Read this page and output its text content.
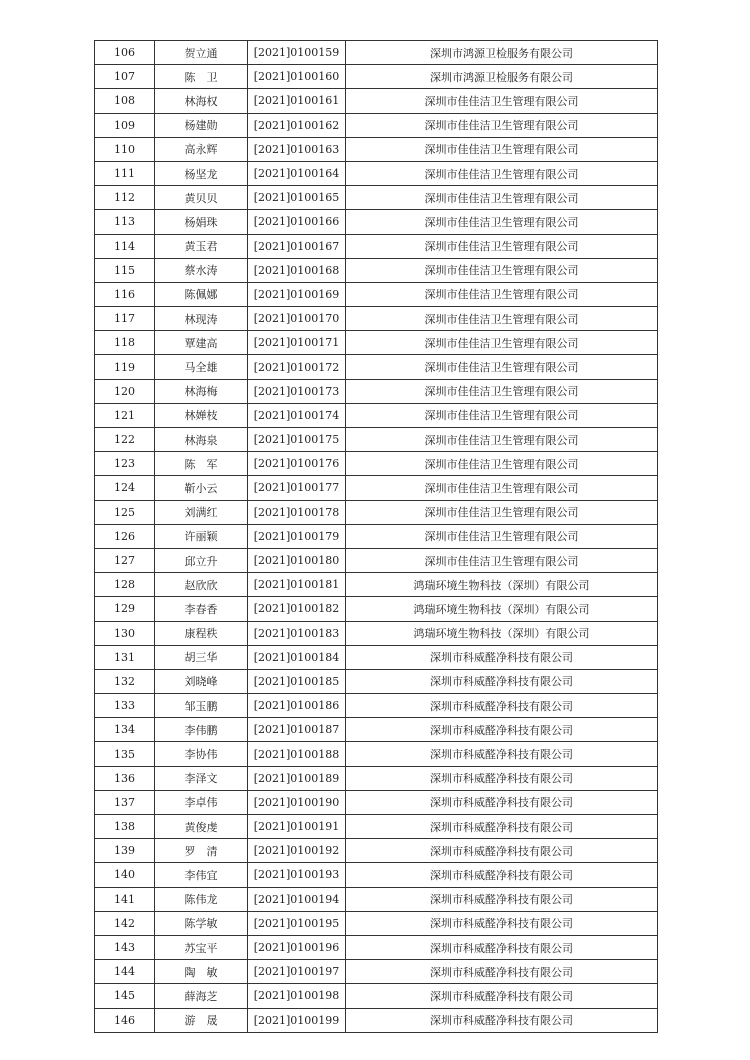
106	贺立通	[2021]0100159	深圳市鸿源卫检服务有限公司
107	陈　卫	[2021]0100160	深圳市鸿源卫检服务有限公司
108	林海权	[2021]0100161	深圳市佳佳洁卫生管理有限公司
109	杨建勋	[2021]0100162	深圳市佳佳洁卫生管理有限公司
110	高永辉	[2021]0100163	深圳市佳佳洁卫生管理有限公司
111	杨坚龙	[2021]0100164	深圳市佳佳洁卫生管理有限公司
112	黄贝贝	[2021]0100165	深圳市佳佳洁卫生管理有限公司
113	杨娟珠	[2021]0100166	深圳市佳佳洁卫生管理有限公司
114	黄玉君	[2021]0100167	深圳市佳佳洁卫生管理有限公司
115	蔡水涛	[2021]0100168	深圳市佳佳洁卫生管理有限公司
116	陈佩娜	[2021]0100169	深圳市佳佳洁卫生管理有限公司
117	林现涛	[2021]0100170	深圳市佳佳洁卫生管理有限公司
118	覃建高	[2021]0100171	深圳市佳佳洁卫生管理有限公司
119	马全雄	[2021]0100172	深圳市佳佳洁卫生管理有限公司
120	林海梅	[2021]0100173	深圳市佳佳洁卫生管理有限公司
121	林婵枝	[2021]0100174	深圳市佳佳洁卫生管理有限公司
122	林海泉	[2021]0100175	深圳市佳佳洁卫生管理有限公司
123	陈　军	[2021]0100176	深圳市佳佳洁卫生管理有限公司
124	靳小云	[2021]0100177	深圳市佳佳洁卫生管理有限公司
125	刘满红	[2021]0100178	深圳市佳佳洁卫生管理有限公司
126	许丽颖	[2021]0100179	深圳市佳佳洁卫生管理有限公司
127	邱立升	[2021]0100180	深圳市佳佳洁卫生管理有限公司
128	赵欣欣	[2021]0100181	鸿瑞环境生物科技（深圳）有限公司
129	李春香	[2021]0100182	鸿瑞环境生物科技（深圳）有限公司
130	康程秩	[2021]0100183	鸿瑞环境生物科技（深圳）有限公司
131	胡三华	[2021]0100184	深圳市科威醛净科技有限公司
132	刘晓峰	[2021]0100185	深圳市科威醛净科技有限公司
133	邹玉鹏	[2021]0100186	深圳市科威醛净科技有限公司
134	李伟鹏	[2021]0100187	深圳市科威醛净科技有限公司
135	李协伟	[2021]0100188	深圳市科威醛净科技有限公司
136	李泽文	[2021]0100189	深圳市科威醛净科技有限公司
137	李卓伟	[2021]0100190	深圳市科威醛净科技有限公司
138	黄俊虔	[2021]0100191	深圳市科威醛净科技有限公司
139	罗　清	[2021]0100192	深圳市科威醛净科技有限公司
140	李伟宜	[2021]0100193	深圳市科威醛净科技有限公司
141	陈伟龙	[2021]0100194	深圳市科威醛净科技有限公司
142	陈学敏	[2021]0100195	深圳市科威醛净科技有限公司
143	苏宝平	[2021]0100196	深圳市科威醛净科技有限公司
144	陶　敏	[2021]0100197	深圳市科威醛净科技有限公司
145	薛海芝	[2021]0100198	深圳市科威醛净科技有限公司
146	游　晟	[2021]0100199	深圳市科威醛净科技有限公司
